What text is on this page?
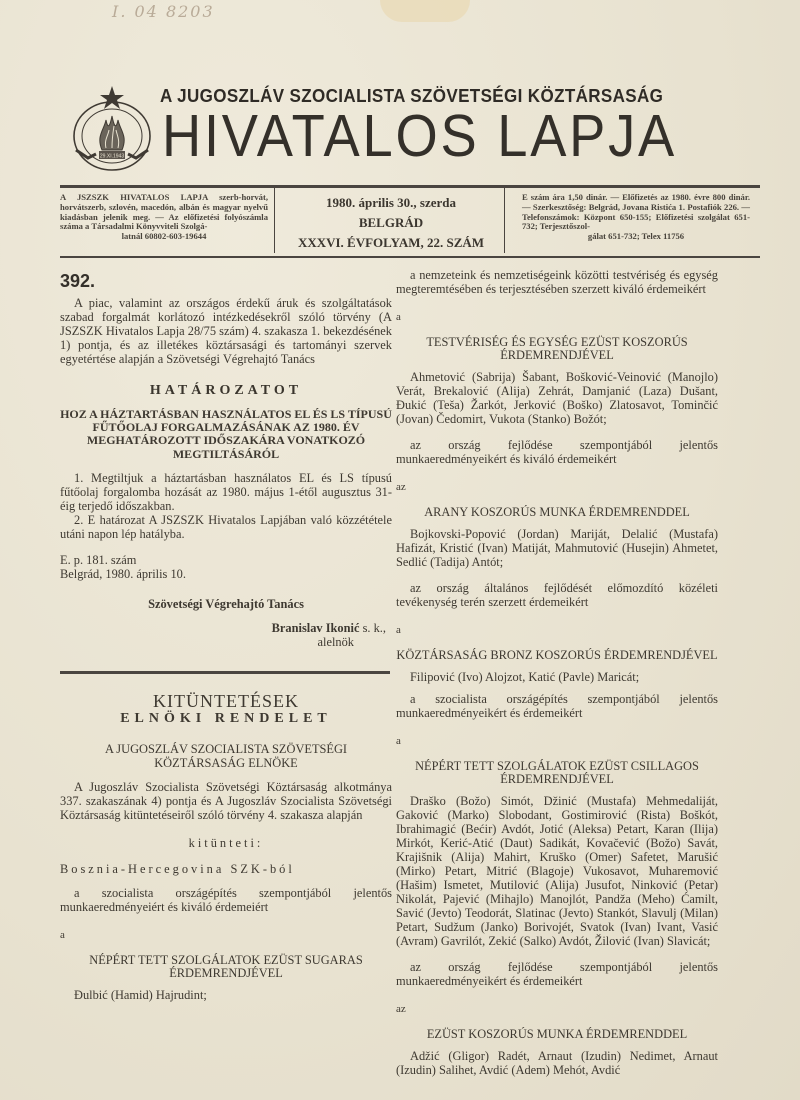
I. 04 8203
29.XI.1943
A JUGOSZLÁV SZOCIALISTA SZÖVETSÉGI KÖZTÁRSASÁG
HIVATALOS LAPJA
A JSZSZK HIVATALOS LAPJA szerb-horvát, horvátszerb, szlovén, macedón, albán és magyar nyelvű kiadásban jelenik meg. — Az előfizetési folyószámla száma a Társadalmi Könyvviteli Szolgá-
latnál 60802-603-19644
1980. április 30., szerda
BELGRÁD
XXXVI. ÉVFOLYAM, 22. SZÁM
E szám ára 1,50 dinár. — Előfizetés az 1980. évre 800 dinár. — Szerkesztőség: Belgrád, Jovana Ristića 1. Postafiók 226. — Telefonszámok: Központ 650-155; Előfizetési szolgálat 651-732; Terjesztőszol-
gálat 651-732; Telex 11756
392.

A piac, valamint az országos érdekű áruk és szolgáltatások szabad forgalmát korlátozó intézkedésekről szóló törvény (A JSZSZK Hivatalos Lapja 28/75 szám) 4. szakasza 1. bekezdésének 1) pontja, és az illetékes köztársasági és tartományi szervek egyetértése alapján a Szövetségi Végrehajtó Tanács

HATÁROZATOT
HOZ A HÁZTARTÁSBAN HASZNÁLATOS EL ÉS LS TÍPUSÚ FŰTŐOLAJ FORGALMAZÁSÁNAK AZ 1980. ÉV MEGHATÁROZOTT IDŐSZAKÁRA VONATKOZÓ MEGTILTÁSÁRÓL

1. Megtiltjuk a háztartásban használatos EL és LS típusú fűtőolaj forgalomba hozását az 1980. május 1-étől augusztus 31-éig terjedő időszakban.

2. E határozat A JSZSZK Hivatalos Lapjában való közzététele utáni napon lép hatályba.

E. p. 181. szám
Belgrád, 1980. április 10.
Szövetségi Végrehajtó Tanács
Branislav Ikonić s. k.,
alelnök
KITÜNTETÉSEK
ELNÖKI RENDELET
A JUGOSZLÁV SZOCIALISTA SZÖVETSÉGI KÖZTÁRSASÁG ELNÖKE

A Jugoszláv Szocialista Szövetségi Köztársaság alkotmánya 337. szakaszának 4) pontja és A Jugoszláv Szocialista Szövetségi Köztársaság kitüntetéseiről szóló törvény 4. szakasza alapján

kitünteti:
Bosznia-Hercegovina SZK-ból

a szocialista országépítés szempontjából jelentős munkaeredményeiért és kiváló érdemeiért

a
NÉPÉRT TETT SZOLGÁLATOK EZÜST SUGARAS ÉRDEMRENDJÉVEL

Đulbić (Hamid) Hajrudint;

a nemzeteink és nemzetiségeink közötti testvériség és egység megteremtésében és terjesztésében szerzett kiváló érdemeikért

a
TESTVÉRISÉG ÉS EGYSÉG EZÜST KOSZORÚS ÉRDEMRENDJÉVEL

Ahmetović (Sabrija) Šabant, Bošković-Veinović (Manojlo) Verát, Brekalović (Alija) Zehrát, Damjanić (Laza) Dušant, Đukić (Teša) Žarkót, Jerković (Boško) Zlatosavot, Tominčić (Jovan) Čedomirt, Vukota (Stanko) Božót;

az ország fejlődése szempontjából jelentős munkaeredményeikért és kiváló érdemeikért

az
ARANY KOSZORÚS MUNKA ÉRDEMRENDDEL

Bojkovski-Popović (Jordan) Mariját, Delalić (Mustafa) Hafizát, Kristić (Ivan) Matiját, Mahmutović (Husejin) Ahmetet, Sedlić (Tadija) Antót;

az ország általános fejlődését előmozdító közéleti tevékenység terén szerzett érdemeikért

a
KÖZTÁRSASÁG BRONZ KOSZORÚS ÉRDEMRENDJÉVEL

Filipović (Ivo) Alojzot, Katić (Pavle) Maricát;

a szocialista országépítés szempontjából jelentős munkaeredményeikért és érdemeikért

a
NÉPÉRT TETT SZOLGÁLATOK EZÜST CSILLAGOS ÉRDEMRENDJÉVEL

Draško (Božo) Simót, Džinić (Mustafa) Mehmedaliját, Gaković (Marko) Slobodant, Gostimirović (Rista) Boškót, Ibrahimagić (Bećir) Avdót, Jotić (Aleksa) Petart, Karan (Ilija) Mirkót, Kerić-Atić (Daut) Sadikát, Kovačević (Božo) Savát, Krajišnik (Alija) Mahirt, Kruško (Omer) Safetet, Marušić (Mirko) Petart, Mitrić (Blagoje) Vukosavot, Muharemović (Hašim) Ismetet, Mutilović (Alija) Jusufot, Ninković (Petar) Nikolát, Pajević (Mihajlo) Manojlót, Pandža (Meho) Ćamilt, Savić (Jevto) Teodorát, Slatinac (Jevto) Stankót, Slavulj (Milan) Petart, Sudžum (Janko) Borivojét, Svatok (Ivan) Ivant, Vasić (Avram) Gavrilót, Zekić (Salko) Avdót, Žilović (Ivan) Slavicát;

az ország fejlődése szempontjából jelentős munkaeredményeikért és érdemeikért

az
EZÜST KOSZORÚS MUNKA ÉRDEMRENDDEL

Adžić (Gligor) Radét, Arnaut (Izudin) Nedimet, Arnaut (Izudin) Salihet, Avdić (Adem) Mehót, Avdić
